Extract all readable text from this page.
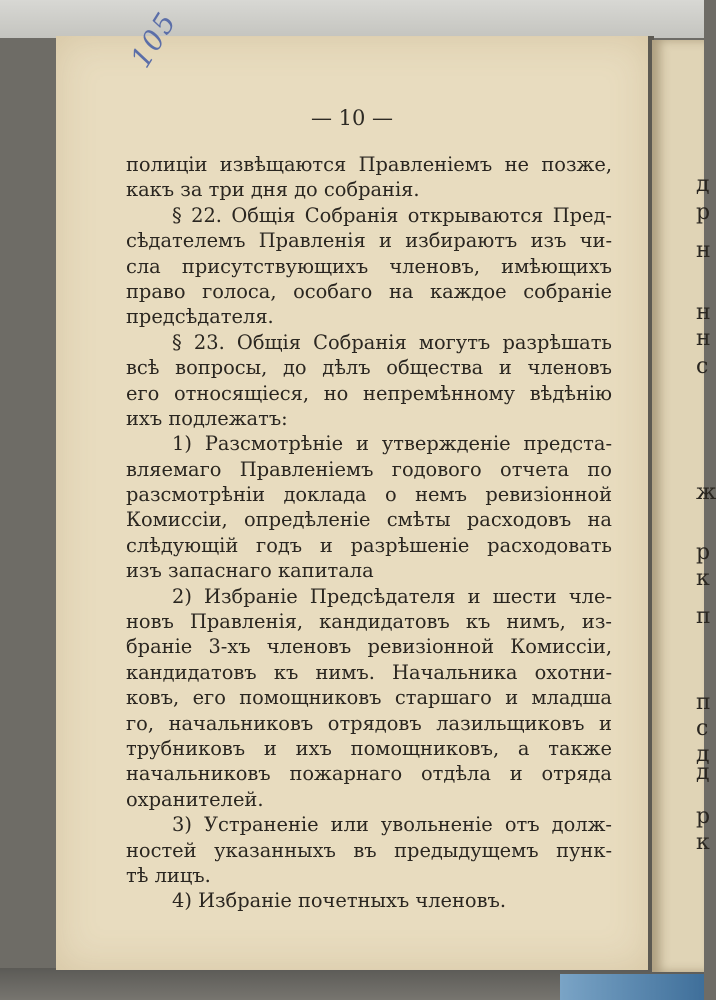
д
р
н
н
н
с
ж
р
к
п
п
с
д
д
р
к
105
— 10 —
полиціи извѣщаются Правленіемъ не позже,
какъ за три дня до собранія.
§ 22. Общія Собранія открываются Пред-
сѣдателемъ Правленія и избираютъ изъ чи-
сла присутствующихъ членовъ, имѣющихъ
право голоса, особаго на каждое собраніе
предсѣдателя.
§ 23. Общія Собранія могутъ разрѣшать
всѣ вопросы, до дѣлъ общества и членовъ
его относящіеся, но непремѣнному вѣдѣнію
ихъ подлежатъ:
1) Разсмотрѣніе и утвержденіе предста-
вляемаго Правленіемъ годового отчета по
разсмотрѣніи доклада о немъ ревизіонной
Комиссіи, опредѣленіе смѣты расходовъ на
слѣдующій годъ и разрѣшеніе расходовать
изъ запаснаго капитала
2) Избраніе Предсѣдателя и шести чле-
новъ Правленія, кандидатовъ къ нимъ, из-
браніе 3-хъ членовъ ревизіонной Комиссіи,
кандидатовъ къ нимъ. Начальника охотни-
ковъ, его помощниковъ старшаго и младша
го, начальниковъ отрядовъ лазильщиковъ и
трубниковъ и ихъ помощниковъ, а также
начальниковъ пожарнаго отдѣла и отряда
охранителей.
3) Устраненіе или увольненіе отъ долж-
ностей указанныхъ въ предыдущемъ пунк-
тѣ лицъ.
4) Избраніе почетныхъ членовъ.
